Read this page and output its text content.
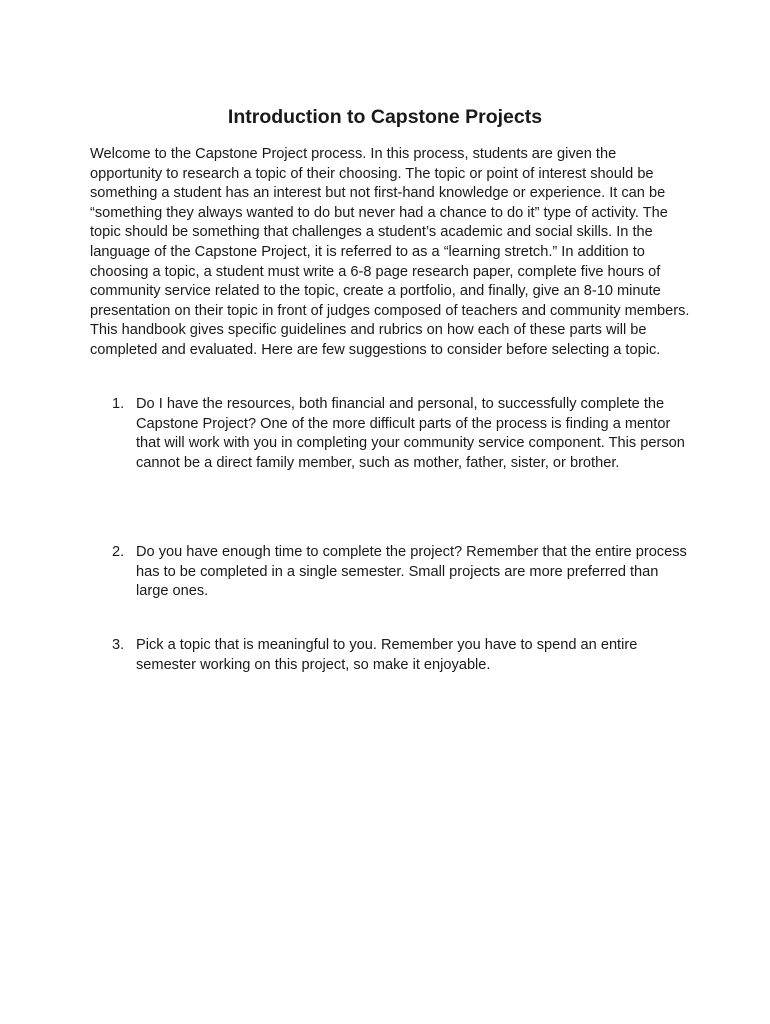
Introduction to Capstone Projects

Welcome to the Capstone Project process. In this process, students are given the opportunity to research a topic of their choosing. The topic or point of interest should be something a student has an interest but not first-hand knowledge or experience. It can be “something they always wanted to do but never had a chance to do it” type of activity. The topic should be something that challenges a student’s academic and social skills. In the language of the Capstone Project, it is referred to as a “learning stretch.” In addition to choosing a topic, a student must write a 6-8 page research paper, complete five hours of community service related to the topic, create a portfolio, and finally, give an 8-10 minute presentation on their topic in front of judges composed of teachers and community members. This handbook gives specific guidelines and rubrics on how each of these parts will be completed and evaluated. Here are few suggestions to consider before selecting a topic.

1. Do I have the resources, both financial and personal, to successfully complete the Capstone Project? One of the more difficult parts of the process is finding a mentor that will work with you in completing your community service component. This person cannot be a direct family member, such as mother, father, sister, or brother.
2. Do you have enough time to complete the project? Remember that the entire process has to be completed in a single semester. Small projects are more preferred than large ones.
3. Pick a topic that is meaningful to you. Remember you have to spend an entire semester working on this project, so make it enjoyable.
